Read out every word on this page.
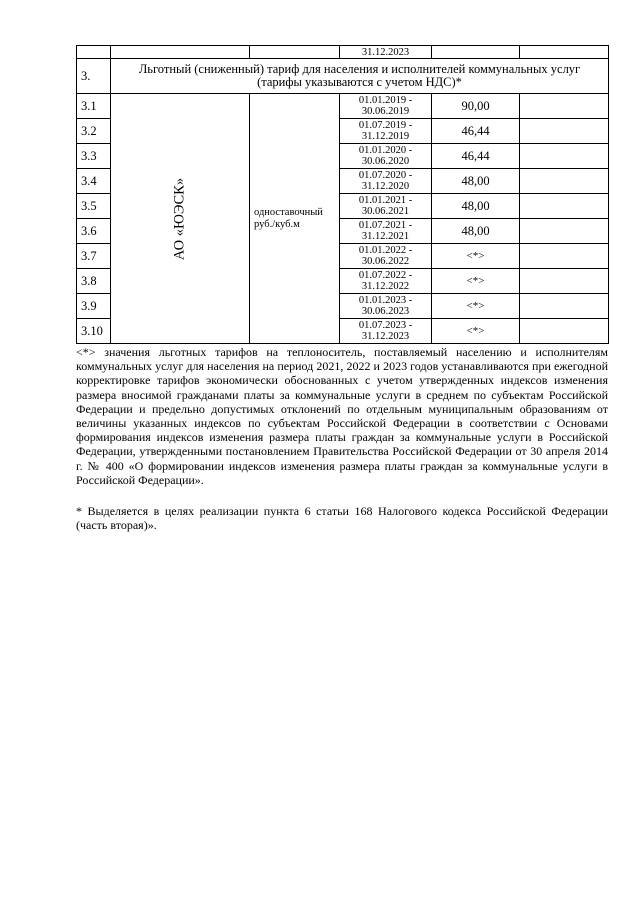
			31.12.2023		
3.	Льготный (сниженный) тариф для населения и исполнителей коммунальных услуг (тарифы указываются с учетом НДС)*				
3.1	АО «ЮЭСК»	одноставочный руб./куб.м	01.01.2019 -
30.06.2019	90,00	
3.2			01.07.2019 -
31.12.2019	46,44	
3.3			01.01.2020 -
30.06.2020	46,44	
3.4			01.07.2020 -
31.12.2020	48,00	
3.5			01.01.2021 -
30.06.2021	48,00	
3.6			01.07.2021 -
31.12.2021	48,00	
3.7			01.01.2022 -
30.06.2022	<*>	
3.8			01.07.2022 -
31.12.2022	<*>	
3.9			01.01.2023 -
30.06.2023	<*>	
3.10			01.07.2023 -
31.12.2023	<*>	

<*> значения льготных тарифов на теплоноситель, поставляемый населению и исполнителям коммунальных услуг для населения на период 2021, 2022 и 2023 годов устанавливаются при ежегодной корректировке тарифов экономически обоснованных с учетом утвержденных индексов изменения размера вносимой гражданами платы за коммунальные услуги в среднем по субъектам Российской Федерации и предельно допустимых отклонений по отдельным муниципальным образованиям от величины указанных индексов по субъектам Российской Федерации в соответствии с Основами формирования индексов изменения размера платы граждан за коммунальные услуги в Российской Федерации, утвержденными постановлением Правительства Российской Федерации от 30 апреля 2014 г. № 400 «О формировании индексов изменения размера платы граждан за коммунальные услуги в Российской Федерации».

* Выделяется в целях реализации пункта 6 статьи 168 Налогового кодекса Российской Федерации (часть вторая)».
